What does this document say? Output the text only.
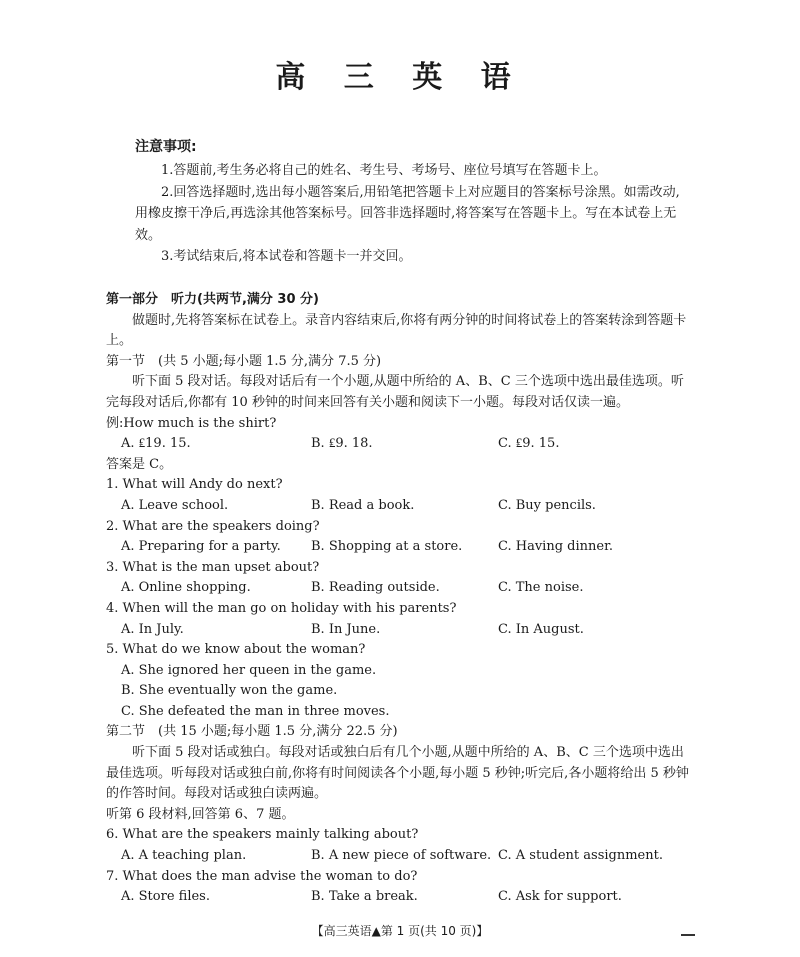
高 三 英 语
注意事项:

1.答题前,考生务必将自己的姓名、考生号、考场号、座位号填写在答题卡上。

2.回答选择题时,选出每小题答案后,用铅笔把答题卡上对应题目的答案标号涂黑。如需改动,用橡皮擦干净后,再选涂其他答案标号。回答非选择题时,将答案写在答题卡上。写在本试卷上无效。

3.考试结束后,将本试卷和答题卡一并交回。

第一部分　听力(共两节,满分 30 分)
做题时,先将答案标在试卷上。录音内容结束后,你将有两分钟的时间将试卷上的答案转涂到答题卡上。
第一节　(共 5 小题;每小题 1.5 分,满分 7.5 分)
听下面 5 段对话。每段对话后有一个小题,从题中所给的 A、B、C 三个选项中选出最佳选项。听完每段对话后,你都有 10 秒钟的时间来回答有关小题和阅读下一小题。每段对话仅读一遍。
例:How much is the shirt?
A. ₤19. 15.	B. ₤9. 18.	C. ₤9. 15.
答案是 C。
1. What will Andy do next?
A. Leave school.	B. Read a book.	C. Buy pencils.
2. What are the speakers doing?
A. Preparing for a party. B. Shopping at a store.	C. Having dinner.
3. What is the man upset about?
A. Online shopping.	B. Reading outside.	C. The noise.
4. When will the man go on holiday with his parents?
A. In July.	B. In June.	C. In August.
5. What do we know about the woman?
A. She ignored her queen in the game.
B. She eventually won the game.
C. She defeated the man in three moves.
第二节　(共 15 小题;每小题 1.5 分,满分 22.5 分)
听下面 5 段对话或独白。每段对话或独白后有几个小题,从题中所给的 A、B、C 三个选项中选出最佳选项。听每段对话或独白前,你将有时间阅读各个小题,每小题 5 秒钟;听完后,各小题将给出 5 秒钟的作答时间。每段对话或独白读两遍。
听第 6 段材料,回答第 6、7 题。
6. What are the speakers mainly talking about?
A. A teaching plan.	B. A new piece of software. C. A student assignment.
7. What does the man advise the woman to do?
A. Store files.	B. Take a break.	C. Ask for support.
【高三英语▲第 1 页(共 10 页)】
